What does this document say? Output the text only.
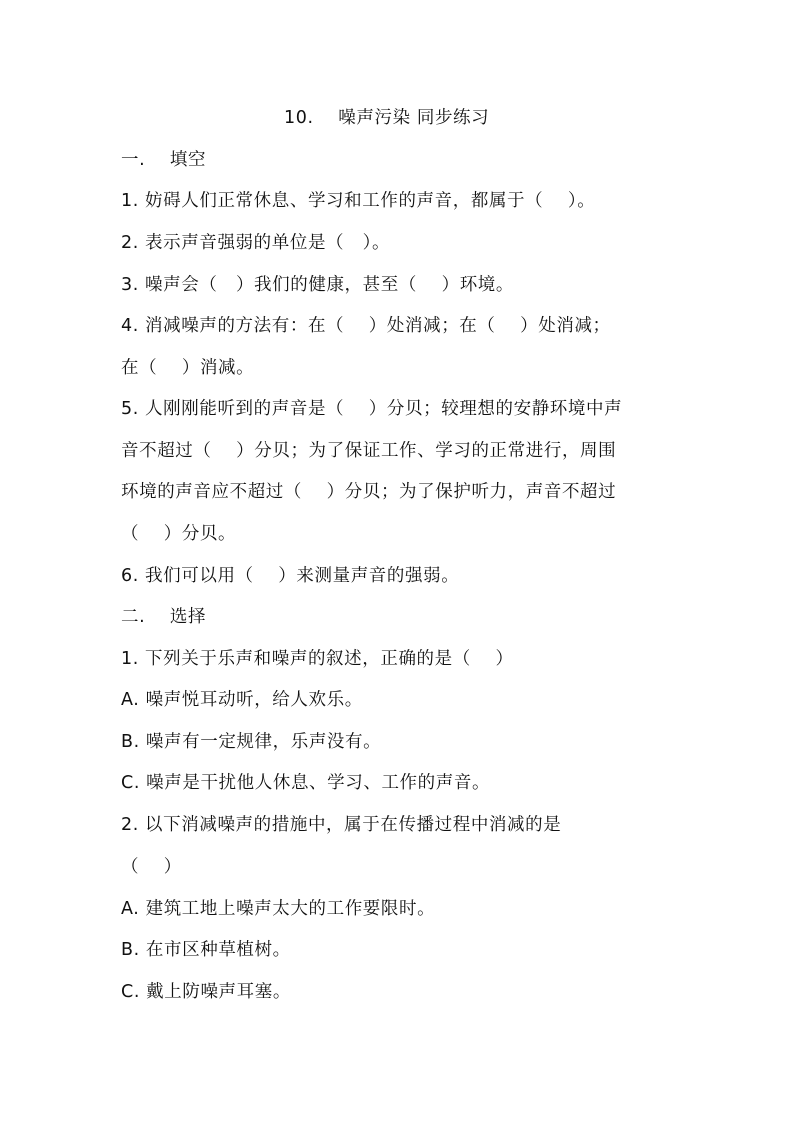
10.    噪声污染 同步练习
一.    填空
1. 妨碍人们正常休息、学习和工作的声音，都属于（    ）。
2. 表示声音强弱的单位是（   ）。
3. 噪声会（   ）我们的健康，甚至（    ）环境。
4. 消减噪声的方法有：在（    ）处消减；在（    ）处消减；
在（    ）消减。
5. 人刚刚能听到的声音是（    ）分贝；较理想的安静环境中声
音不超过（    ）分贝；为了保证工作、学习的正常进行，周围
环境的声音应不超过（    ）分贝；为了保护听力，声音不超过
（    ）分贝。
6. 我们可以用（    ）来测量声音的强弱。
二.    选择
1. 下列关于乐声和噪声的叙述，正确的是（    ）
A. 噪声悦耳动听，给人欢乐。
B. 噪声有一定规律，乐声没有。
C. 噪声是干扰他人休息、学习、工作的声音。
2. 以下消减噪声的措施中，属于在传播过程中消减的是
（    ）
A. 建筑工地上噪声太大的工作要限时。
B. 在市区种草植树。
C. 戴上防噪声耳塞。
